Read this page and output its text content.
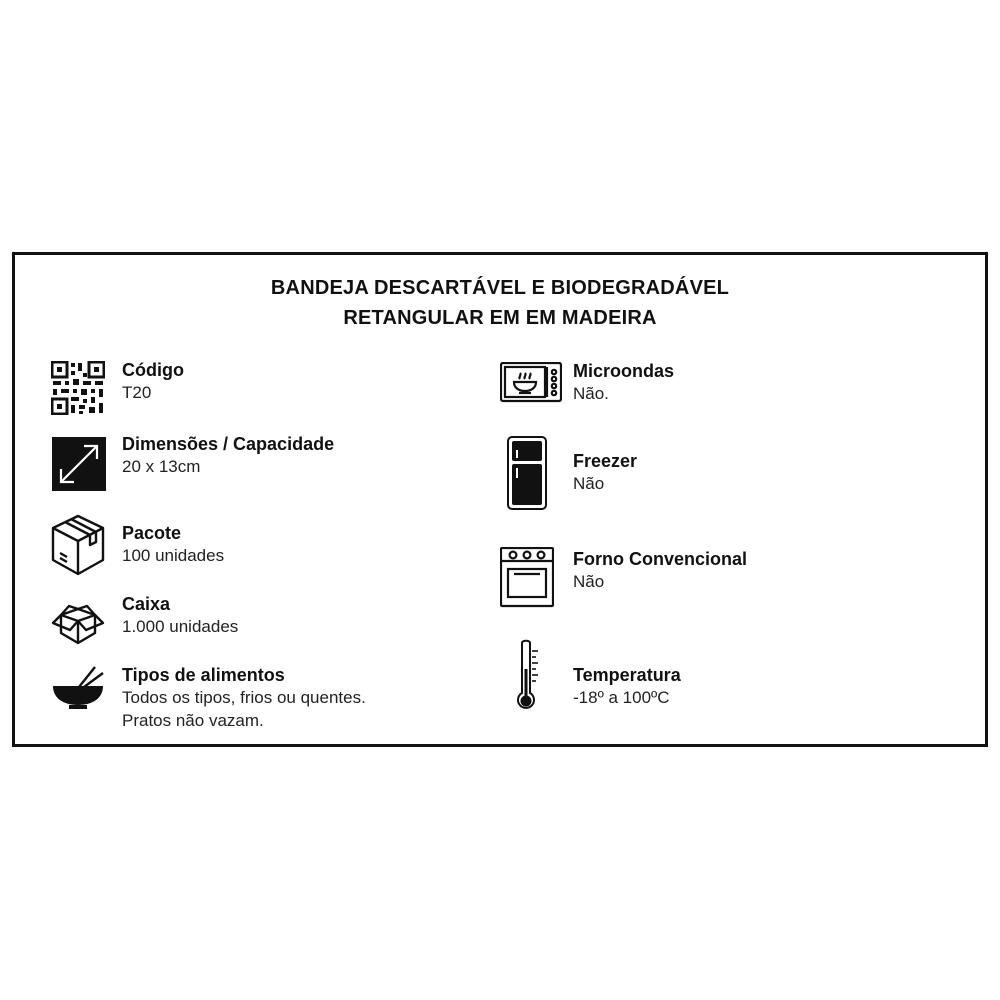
BANDEJA DESCARTÁVEL E BIODEGRADÁVEL
RETANGULAR EM EM MADEIRA
Código
T20
Dimensões / Capacidade
20 x 13cm
Pacote
100 unidades
Caixa
1.000 unidades
Tipos de alimentos
Todos os tipos, frios ou quentes.
Pratos não vazam.
Microondas
Não.
Freezer
Não
Forno Convencional
Não
Temperatura
-18º a 100ºC
